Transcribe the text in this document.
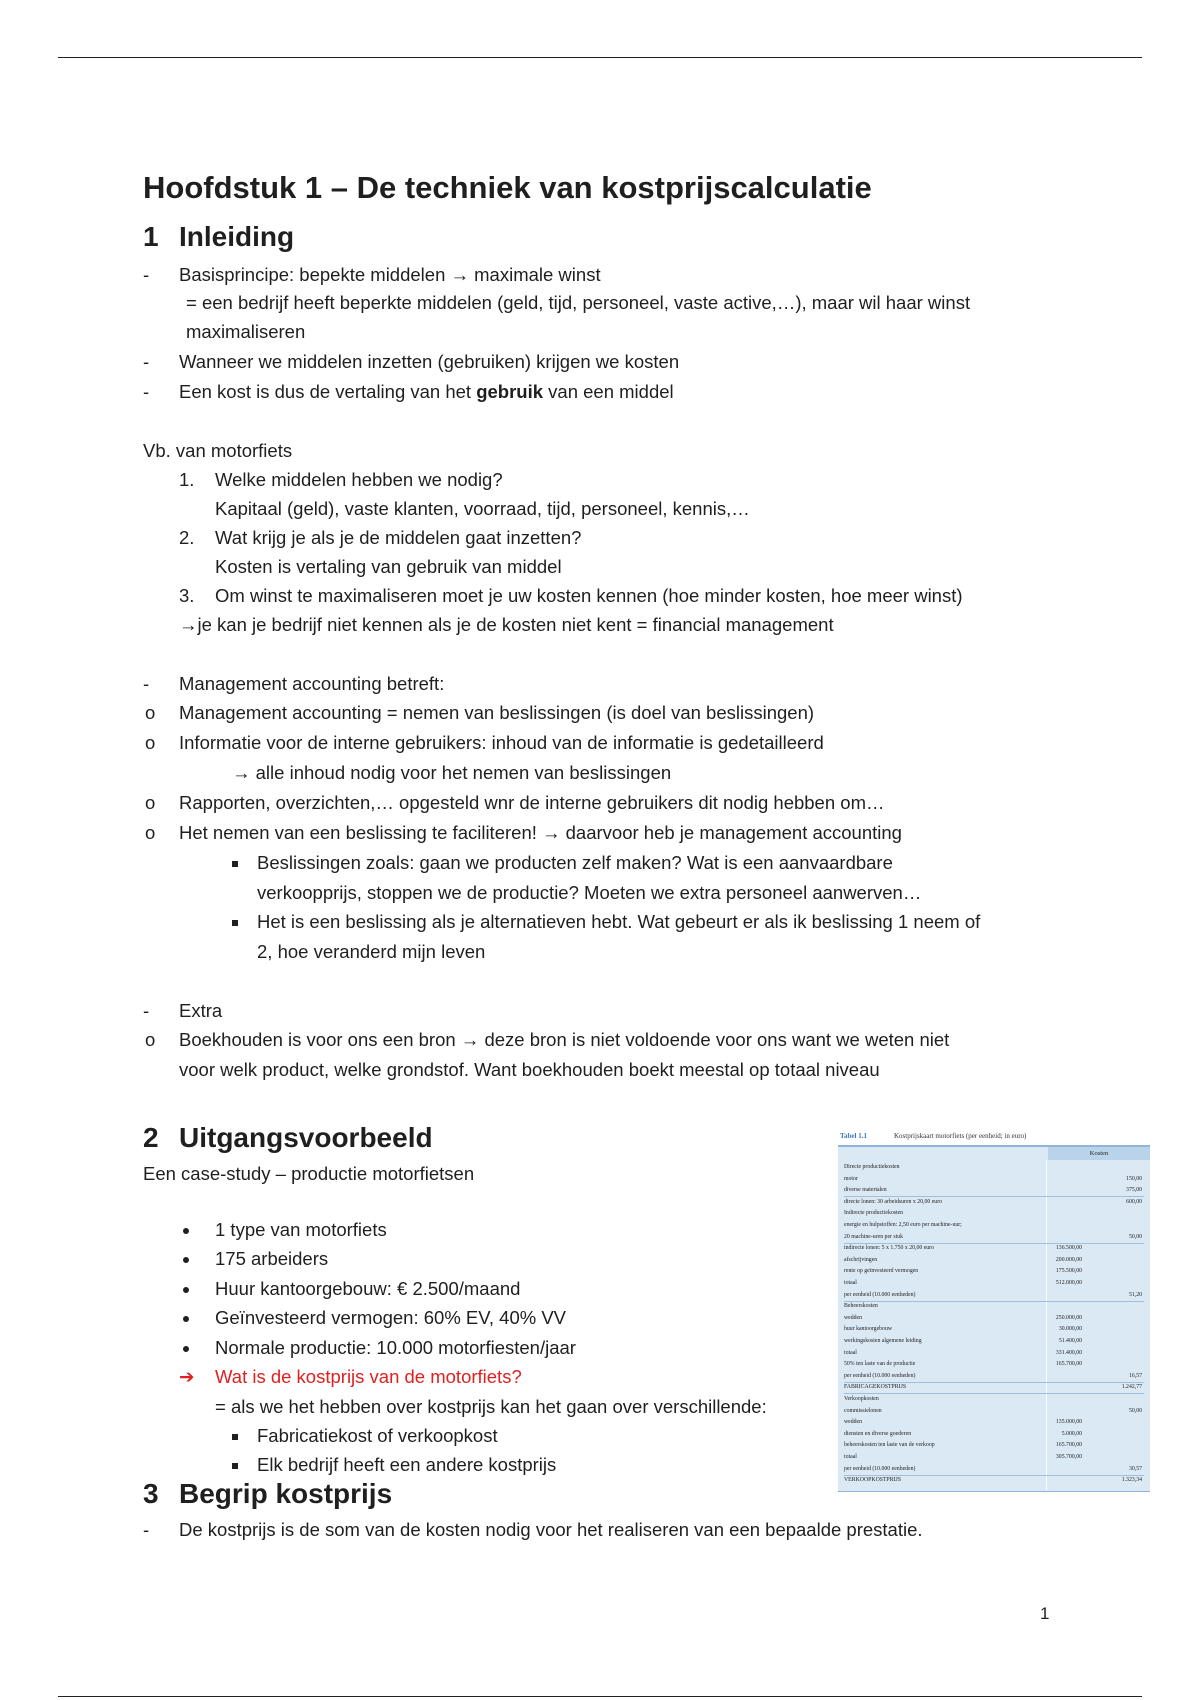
Hoofdstuk 1 – De techniek van kostprijscalculatie
1 Inleiding
- Basisprincipe: bepekte middelen → maximale winst
= een bedrijf heeft beperkte middelen (geld, tijd, personeel, vaste active,…), maar wil haar winst
maximaliseren
- Wanneer we middelen inzetten (gebruiken) krijgen we kosten
- Een kost is dus de vertaling van het gebruik van een middel
Vb. van motorfiets
1. Welke middelen hebben we nodig?
Kapitaal (geld), vaste klanten, voorraad, tijd, personeel, kennis,…
2. Wat krijg je als je de middelen gaat inzetten?
Kosten is vertaling van gebruik van middel
3. Om winst te maximaliseren moet je uw kosten kennen (hoe minder kosten, hoe meer winst)
→je kan je bedrijf niet kennen als je de kosten niet kent = financial management
- Management accounting betreft:
o Management accounting = nemen van beslissingen (is doel van beslissingen)
o Informatie voor de interne gebruikers: inhoud van de informatie is gedetailleerd
→ alle inhoud nodig voor het nemen van beslissingen
o Rapporten, overzichten,… opgesteld wnr de interne gebruikers dit nodig hebben om…
o Het nemen van een beslissing te faciliteren! → daarvoor heb je management accounting
Beslissingen zoals: gaan we producten zelf maken? Wat is een aanvaardbare
verkoopprijs, stoppen we de productie? Moeten we extra personeel aanwerven…
Het is een beslissing als je alternatieven hebt. Wat gebeurt er als ik beslissing 1 neem of
2, hoe veranderd mijn leven
- Extra
o Boekhouden is voor ons een bron → deze bron is niet voldoende voor ons want we weten niet
voor welk product, welke grondstof. Want boekhouden boekt meestal op totaal niveau
2 Uitgangsvoorbeeld
Een case-study – productie motorfietsen
1 type van motorfiets
175 arbeiders
Huur kantoorgebouw: € 2.500/maand
Geïnvesteerd vermogen: 60% EV, 40% VV
Normale productie: 10.000 motorfiesten/jaar
➔ Wat is de kostprijs van de motorfiets?
= als we het hebben over kostprijs kan het gaan over verschillende:
Fabricatiekost of verkoopkost
Elk bedrijf heeft een andere kostprijs
3 Begrip kostprijs
- De kostprijs is de som van de kosten nodig voor het realiseren van een bepaalde prestatie.
Tabel 1.1	Kostprijskaart motorfiets (per eenheid; in euro)
Kosten
Directe productiekosten
motor	150,00
diverse materialen	375,00
directe lonen: 30 arbeidsuren x 20,00 euro	600,00
Indirecte productiekosten
energie en hulpstoffen: 2,50 euro per machine-uur;
20 machine-uren per stuk	50,00
indirecte lonen: 5 x 1.750 x 20,00 euro	136.500,00
afschrijvingen	200.000,00
rente op geïnvesteerd vermogen	175.500,00
totaal	512.000,00
per eenheid (10.000 eenheden)	51,20
Beheerskosten
wedden	250.000,00
huur kantoorgebouw	30.000,00
werkingskosten algemene leiding	51.400,00
totaal	331.400,00
50% ten laste van de productie	165.700,00
per eenheid (10.000 eenheden)	16,57
FABRICAGEKOSTPRIJS	1.242,77
Verkoopkosten
commissielonen	50,00
wedden	135.000,00
diensten en diverse goederen	5.000,00
beheerskosten ten laste van de verkoop	165.700,00
totaal	305.700,00
per eenheid (10.000 eenheden)	30,57
VERKOOPKOSTPRIJS	1.323,34
1
